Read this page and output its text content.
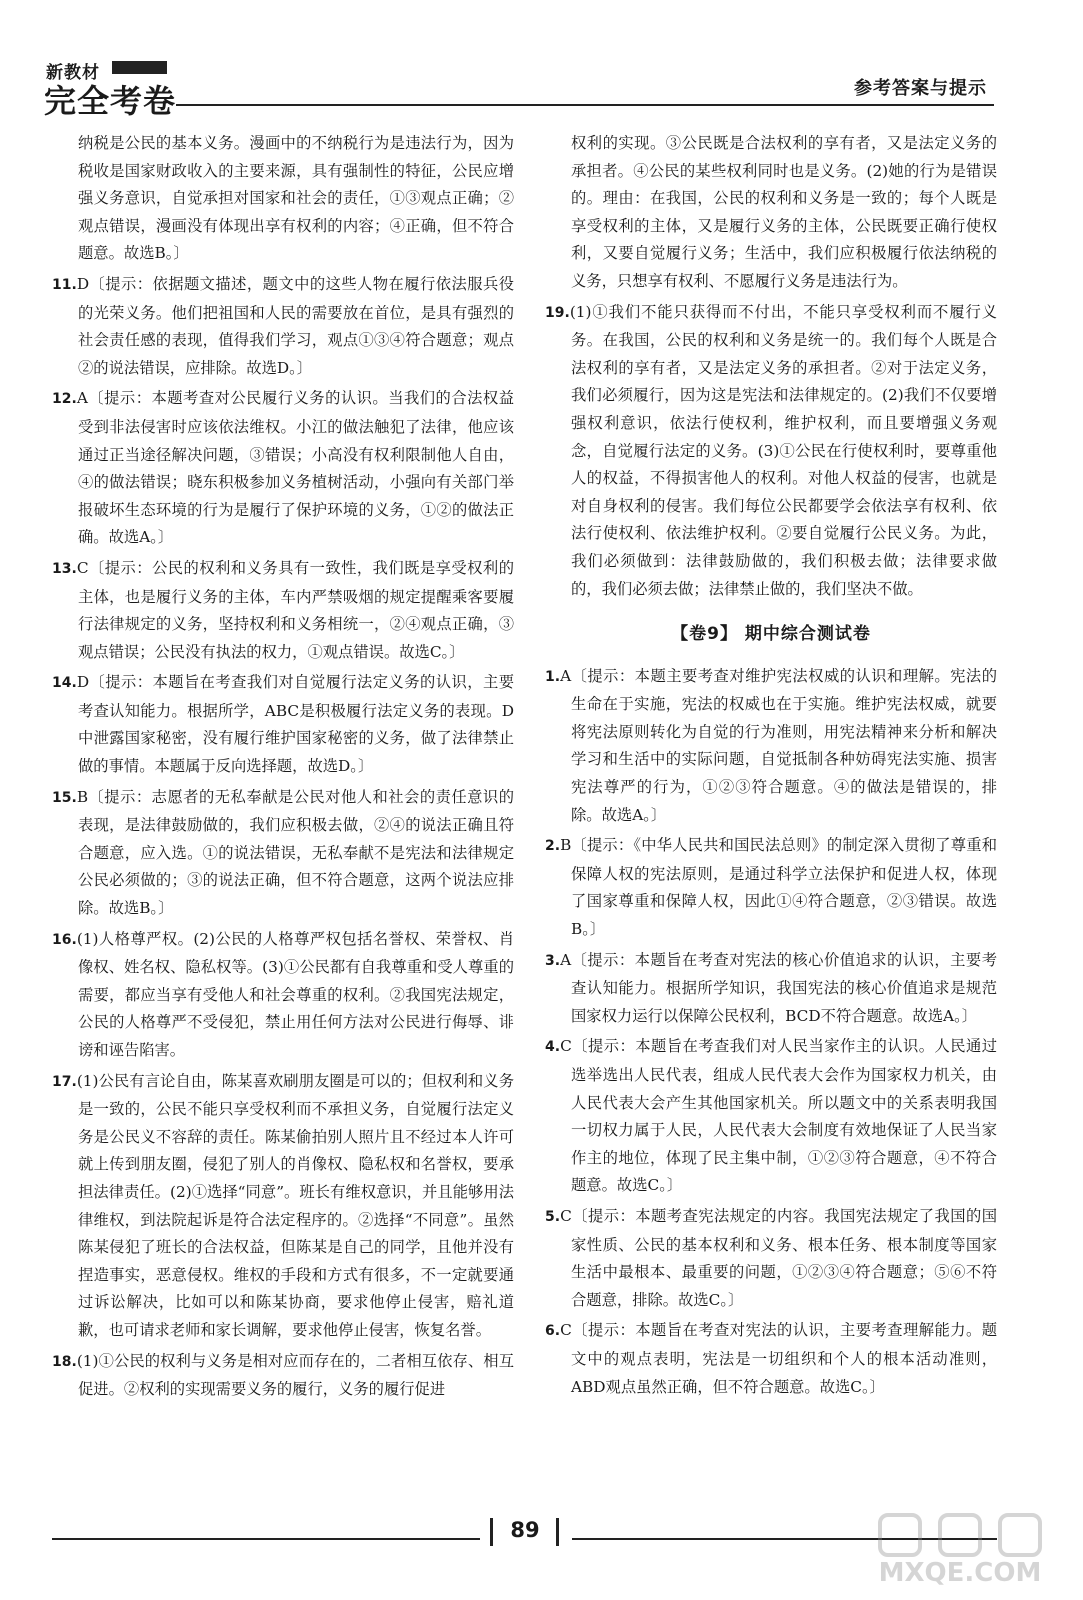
新教材
完全考卷	参考答案与提示

纳税是公民的基本义务。漫画中的不纳税行为是违法行为，因为税收是国家财政收入的主要来源，具有强制性的特征，公民应增强义务意识，自觉承担对国家和社会的责任，①③观点正确；②观点错误，漫画没有体现出享有权利的内容；④正确，但不符合题意。故选B。〕

11.D〔提示：依据题文描述，题文中的这些人物在履行依法服兵役的光荣义务。他们把祖国和人民的需要放在首位，是具有强烈的社会责任感的表现，值得我们学习，观点①③④符合题意；观点②的说法错误，应排除。故选D。〕

12.A〔提示：本题考查对公民履行义务的认识。当我们的合法权益受到非法侵害时应该依法维权。小江的做法触犯了法律，他应该通过正当途径解决问题，③错误；小高没有权利限制他人自由，④的做法错误；晓东积极参加义务植树活动，小强向有关部门举报破坏生态环境的行为是履行了保护环境的义务，①②的做法正确。故选A。〕

13.C〔提示：公民的权利和义务具有一致性，我们既是享受权利的主体，也是履行义务的主体，车内严禁吸烟的规定提醒乘客要履行法律规定的义务，坚持权利和义务相统一，②④观点正确，③观点错误；公民没有执法的权力，①观点错误。故选C。〕

14.D〔提示：本题旨在考查我们对自觉履行法定义务的认识，主要考查认知能力。根据所学，ABC是积极履行法定义务的表现。D中泄露国家秘密，没有履行维护国家秘密的义务，做了法律禁止做的事情。本题属于反向选择题，故选D。〕

15.B〔提示：志愿者的无私奉献是公民对他人和社会的责任意识的表现，是法律鼓励做的，我们应积极去做，②④的说法正确且符合题意，应入选。①的说法错误，无私奉献不是宪法和法律规定公民必须做的；③的说法正确，但不符合题意，这两个说法应排除。故选B。〕

16.(1)人格尊严权。(2)公民的人格尊严权包括名誉权、荣誉权、肖像权、姓名权、隐私权等。(3)①公民都有自我尊重和受人尊重的需要，都应当享有受他人和社会尊重的权利。②我国宪法规定，公民的人格尊严不受侵犯，禁止用任何方法对公民进行侮辱、诽谤和诬告陷害。

17.(1)公民有言论自由，陈某喜欢刷朋友圈是可以的；但权利和义务是一致的，公民不能只享受权利而不承担义务，自觉履行法定义务是公民义不容辞的责任。陈某偷拍别人照片且不经过本人许可就上传到朋友圈，侵犯了别人的肖像权、隐私权和名誉权，要承担法律责任。(2)①选择“同意”。班长有维权意识，并且能够用法律维权，到法院起诉是符合法定程序的。②选择“不同意”。虽然陈某侵犯了班长的合法权益，但陈某是自己的同学，且他并没有捏造事实，恶意侵权。维权的手段和方式有很多，不一定就要通过诉讼解决，比如可以和陈某协商，要求他停止侵害，赔礼道歉，也可请求老师和家长调解，要求他停止侵害，恢复名誉。

18.(1)①公民的权利与义务是相对应而存在的，二者相互依存、相互促进。②权利的实现需要义务的履行，义务的履行促进

权利的实现。③公民既是合法权利的享有者，又是法定义务的承担者。④公民的某些权利同时也是义务。(2)她的行为是错误的。理由：在我国，公民的权利和义务是一致的；每个人既是享受权利的主体，又是履行义务的主体，公民既要正确行使权利，又要自觉履行义务；生活中，我们应积极履行依法纳税的义务，只想享有权利、不愿履行义务是违法行为。

19.(1)①我们不能只获得而不付出，不能只享受权利而不履行义务。在我国，公民的权利和义务是统一的。我们每个人既是合法权利的享有者，又是法定义务的承担者。②对于法定义务，我们必须履行，因为这是宪法和法律规定的。(2)我们不仅要增强权利意识，依法行使权利，维护权利，而且要增强义务观念，自觉履行法定的义务。(3)①公民在行使权利时，要尊重他人的权益，不得损害他人的权利。对他人权益的侵害，也就是对自身权利的侵害。我们每位公民都要学会依法享有权利、依法行使权利、依法维护权利。②要自觉履行公民义务。为此，我们必须做到：法律鼓励做的，我们积极去做；法律要求做的，我们必须去做；法律禁止做的，我们坚决不做。

【卷9】 期中综合测试卷

1.A〔提示：本题主要考查对维护宪法权威的认识和理解。宪法的生命在于实施，宪法的权威也在于实施。维护宪法权威，就要将宪法原则转化为自觉的行为准则，用宪法精神来分析和解决学习和生活中的实际问题，自觉抵制各种妨碍宪法实施、损害宪法尊严的行为，①②③符合题意。④的做法是错误的，排除。故选A。〕

2.B〔提示：《中华人民共和国民法总则》的制定深入贯彻了尊重和保障人权的宪法原则，是通过科学立法保护和促进人权，体现了国家尊重和保障人权，因此①④符合题意，②③错误。故选B。〕

3.A〔提示：本题旨在考查对宪法的核心价值追求的认识，主要考查认知能力。根据所学知识，我国宪法的核心价值追求是规范国家权力运行以保障公民权利，BCD不符合题意。故选A。〕

4.C〔提示：本题旨在考查我们对人民当家作主的认识。人民通过选举选出人民代表，组成人民代表大会作为国家权力机关，由人民代表大会产生其他国家机关。所以题文中的关系表明我国一切权力属于人民，人民代表大会制度有效地保证了人民当家作主的地位，体现了民主集中制，①②③符合题意，④不符合题意。故选C。〕

5.C〔提示：本题考查宪法规定的内容。我国宪法规定了我国的国家性质、公民的基本权利和义务、根本任务、根本制度等国家生活中最根本、最重要的问题，①②③④符合题意；⑤⑥不符合题意，排除。故选C。〕

6.C〔提示：本题旨在考查对宪法的认识，主要考查理解能力。题文中的观点表明，宪法是一切组织和个人的根本活动准则，ABD观点虽然正确，但不符合题意。故选C。〕

89
MXQE.COM
